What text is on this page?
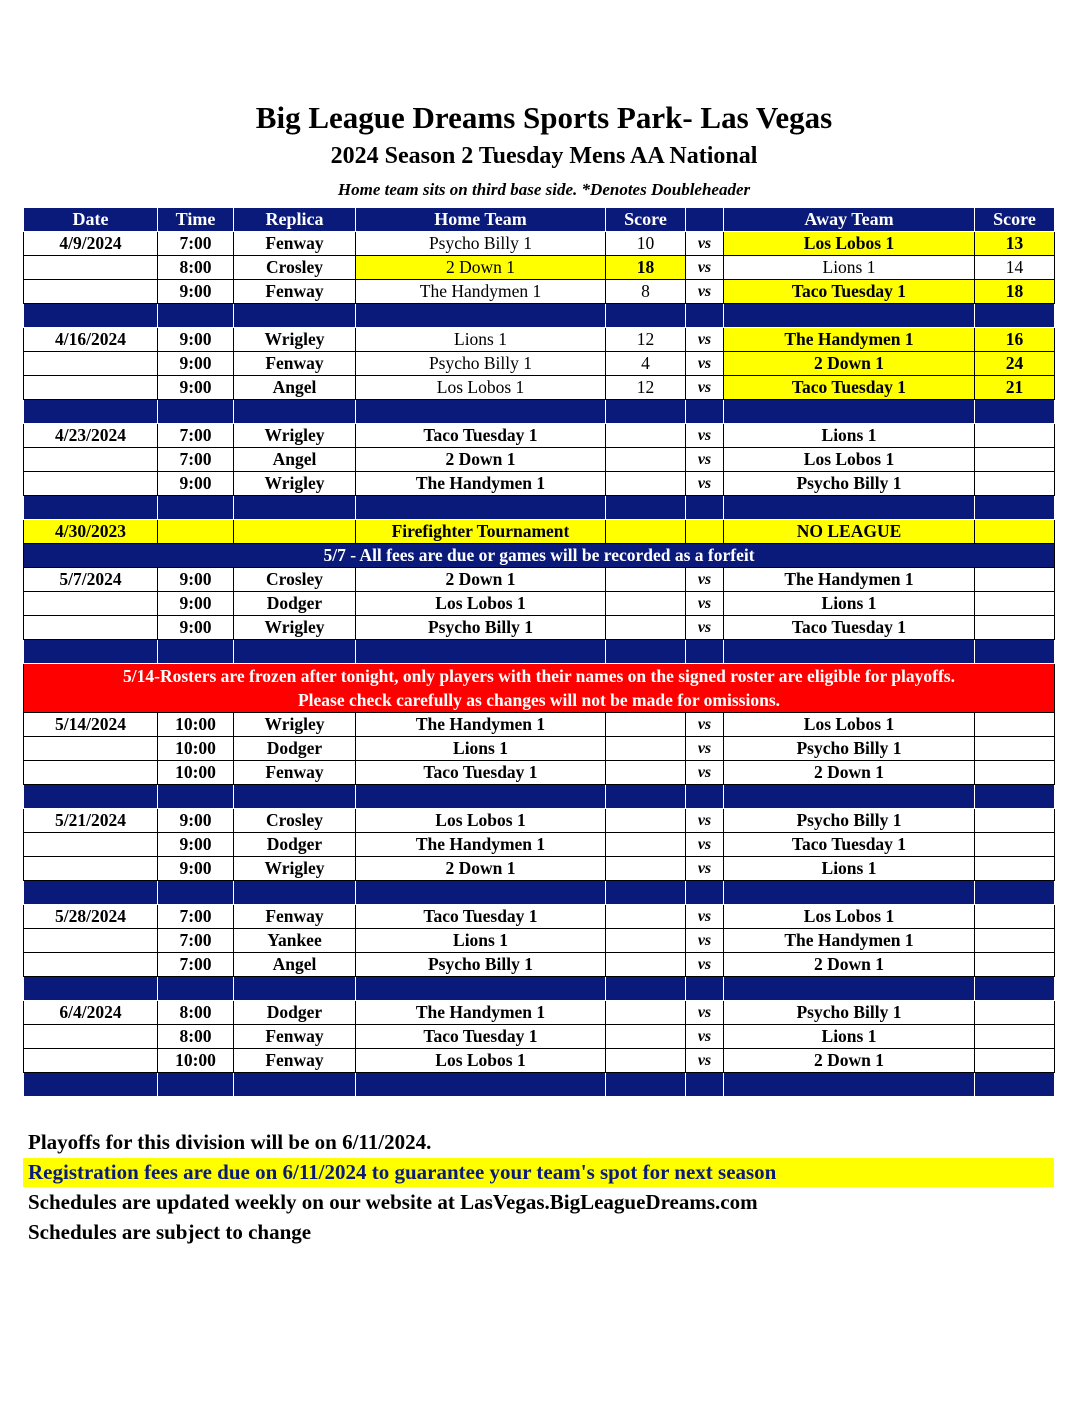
Big League Dreams Sports Park- Las Vegas
2024 Season 2 Tuesday Mens AA National
Home team sits on third base side. *Denotes Doubleheader
Date	Time	Replica	Home Team	Score		Away Team	Score
4/9/2024	7:00	Fenway	Psycho Billy 1	10	vs	Los Lobos 1	13
	8:00	Crosley	2 Down 1	18	vs	Lions 1	14
	9:00	Fenway	The Handymen 1	8	vs	Taco Tuesday 1	18

4/16/2024	9:00	Wrigley	Lions 1	12	vs	The Handymen 1	16
	9:00	Fenway	Psycho Billy 1	4	vs	2 Down 1	24
	9:00	Angel	Los Lobos 1	12	vs	Taco Tuesday 1	21

4/23/2024	7:00	Wrigley	Taco Tuesday 1		vs	Lions 1	
	7:00	Angel	2 Down 1		vs	Los Lobos 1	
	9:00	Wrigley	The Handymen 1		vs	Psycho Billy 1	

4/30/2023			Firefighter Tournament			NO LEAGUE	
5/7 - All fees are due or games will be recorded as a forfeit							
5/7/2024	9:00	Crosley	2 Down 1		vs	The Handymen 1	
	9:00	Dodger	Los Lobos 1		vs	Lions 1	
	9:00	Wrigley	Psycho Billy 1		vs	Taco Tuesday 1	

5/14-Rosters are frozen after tonight, only players with their names on the signed roster are eligible for playoffs.
Please check carefully as changes will not be made for omissions.							

5/14/2024	10:00	Wrigley	The Handymen 1		vs	Los Lobos 1	
	10:00	Dodger	Lions 1		vs	Psycho Billy 1	
	10:00	Fenway	Taco Tuesday 1		vs	2 Down 1	

5/21/2024	9:00	Crosley	Los Lobos 1		vs	Psycho Billy 1	
	9:00	Dodger	The Handymen 1		vs	Taco Tuesday 1	
	9:00	Wrigley	2 Down 1		vs	Lions 1	

5/28/2024	7:00	Fenway	Taco Tuesday 1		vs	Los Lobos 1	
	7:00	Yankee	Lions 1		vs	The Handymen 1	
	7:00	Angel	Psycho Billy 1		vs	2 Down 1	

6/4/2024	8:00	Dodger	The Handymen 1		vs	Psycho Billy 1	
	8:00	Fenway	Taco Tuesday 1		vs	Lions 1	
	10:00	Fenway	Los Lobos 1		vs	2 Down 1	

Playoffs for this division will be on 6/11/2024.
Registration fees are due on 6/11/2024 to guarantee your team's spot for next season
Schedules are updated weekly on our website at LasVegas.BigLeagueDreams.com
Schedules are subject to change
